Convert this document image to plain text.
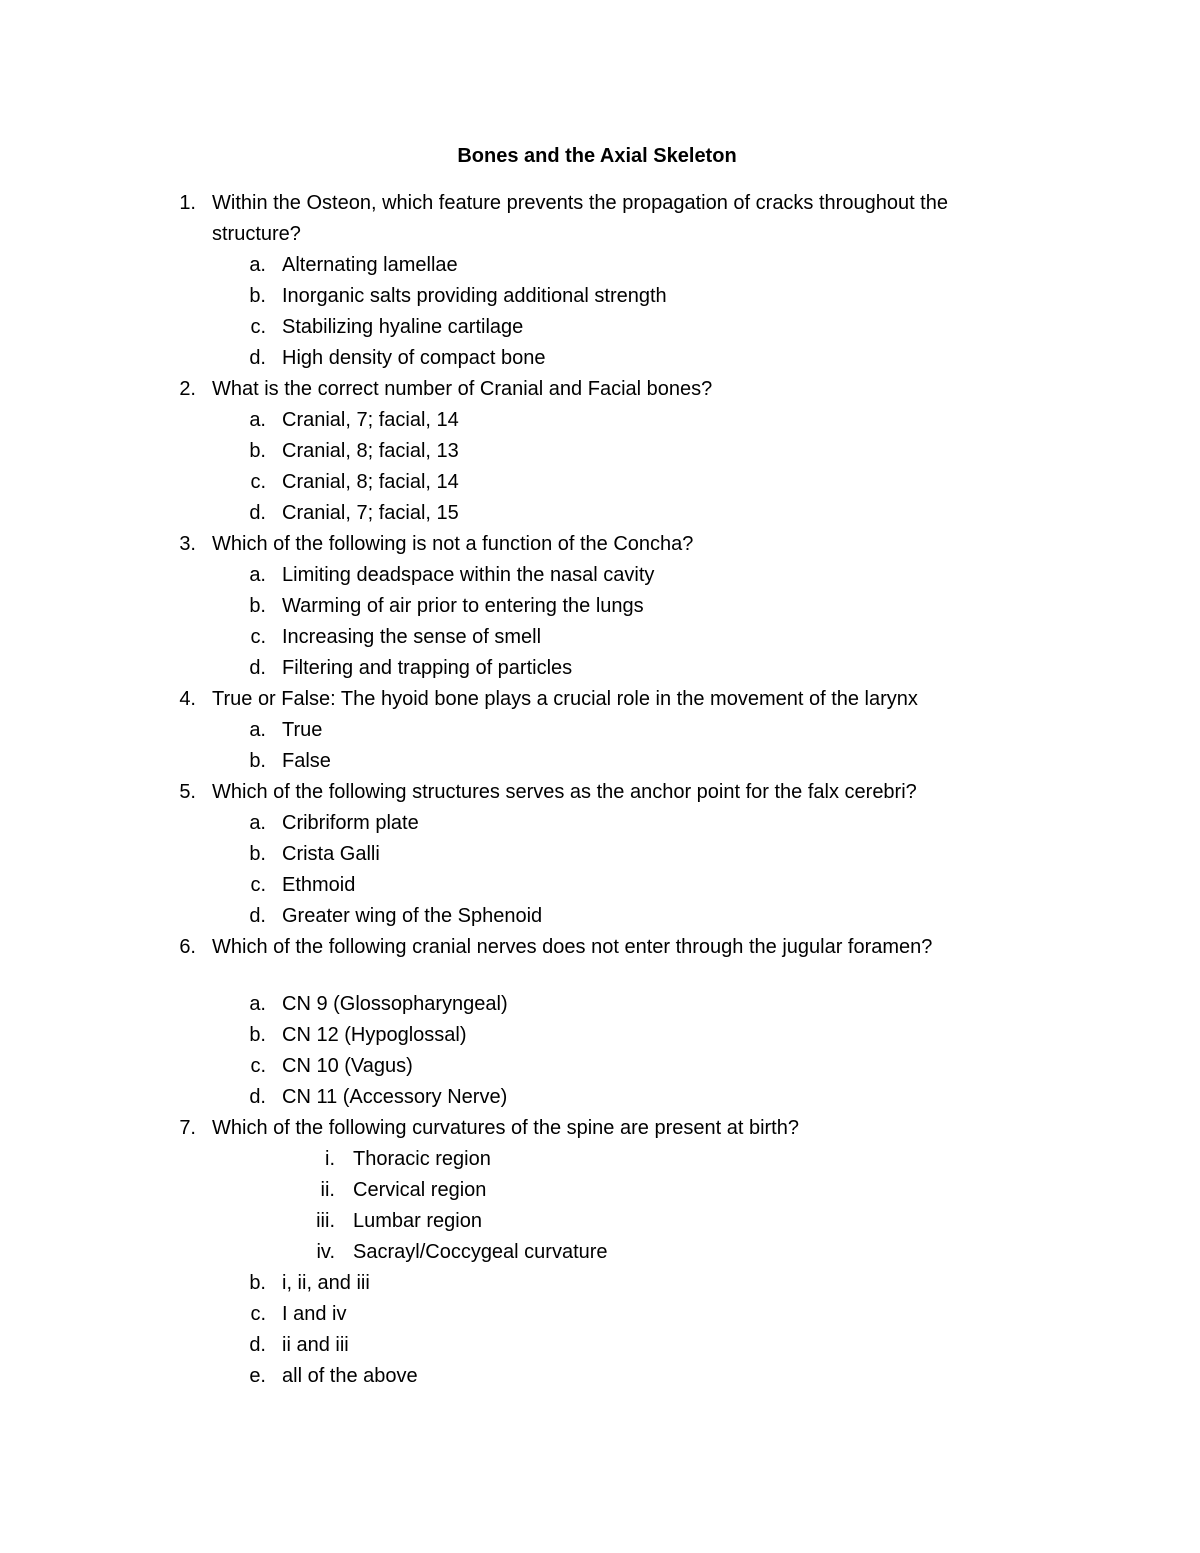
Bones and the Axial Skeleton
1. Within the Osteon, which feature prevents the propagation of cracks throughout the
structure?
a. Alternating lamellae
b. Inorganic salts providing additional strength
c. Stabilizing hyaline cartilage
d. High density of compact bone
2. What is the correct number of Cranial and Facial bones?
a. Cranial, 7; facial, 14
b. Cranial, 8; facial, 13
c. Cranial, 8; facial, 14
d. Cranial, 7; facial, 15
3. Which of the following is not a function of the Concha?
a. Limiting deadspace within the nasal cavity
b. Warming of air prior to entering the lungs
c. Increasing the sense of smell
d. Filtering and trapping of particles
4. True or False: The hyoid bone plays a crucial role in the movement of the larynx
a. True
b. False
5. Which of the following structures serves as the anchor point for the falx cerebri?
a. Cribriform plate
b. Crista Galli
c. Ethmoid
d. Greater wing of the Sphenoid
6. Which of the following cranial nerves does not enter through the jugular foramen?
a. CN 9 (Glossopharyngeal)
b. CN 12 (Hypoglossal)
c. CN 10 (Vagus)
d. CN 11 (Accessory Nerve)
7. Which of the following curvatures of the spine are present at birth?
i. Thoracic region
ii. Cervical region
iii. Lumbar region
iv. Sacrayl/Coccygeal curvature
b. i, ii, and iii
c. I and iv
d. ii and iii
e. all of the above
